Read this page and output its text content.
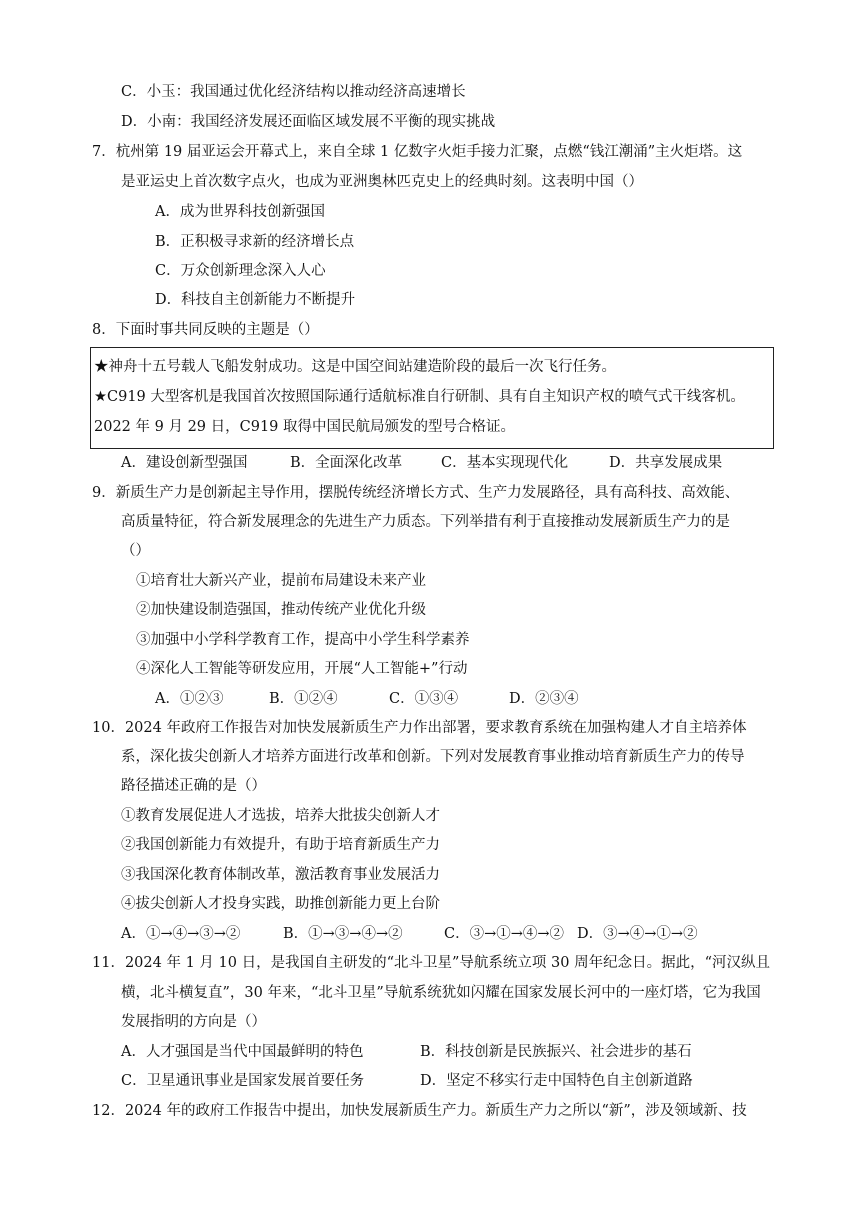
C．小玉：我国通过优化经济结构以推动经济高速增长
D．小南：我国经济发展还面临区域发展不平衡的现实挑战
7．杭州第 19 届亚运会开幕式上，来自全球 1 亿数字火炬手接力汇聚，点燃“钱江潮涌”主火炬塔。这
是亚运史上首次数字点火，也成为亚洲奥林匹克史上的经典时刻。这表明中国（）
A．成为世界科技创新强国
B．正积极寻求新的经济增长点
C．万众创新理念深入人心
D．科技自主创新能力不断提升
8．下面时事共同反映的主题是（）
★神舟十五号载人飞船发射成功。这是中国空间站建造阶段的最后一次飞行任务。
★C919 大型客机是我国首次按照国际通行适航标准自行研制、具有自主知识产权的喷气式干线客机。
2022 年 9 月 29 日，C919 取得中国民航局颁发的型号合格证。
A．建设创新型强国	B．全面深化改革	C．基本实现现代化	D．共享发展成果
9．新质生产力是创新起主导作用，摆脱传统经济增长方式、生产力发展路径，具有高科技、高效能、
高质量特征，符合新发展理念的先进生产力质态。下列举措有利于直接推动发展新质生产力的是
（）
①培育壮大新兴产业，提前布局建设未来产业
②加快建设制造强国，推动传统产业优化升级
③加强中小学科学教育工作，提高中小学生科学素养
④深化人工智能等研发应用，开展“人工智能+”行动
A．①②③	B．①②④	C．①③④	D．②③④
10．2024 年政府工作报告对加快发展新质生产力作出部署，要求教育系统在加强构建人才自主培养体
系，深化拔尖创新人才培养方面进行改革和创新。下列对发展教育事业推动培育新质生产力的传导
路径描述正确的是（）
①教育发展促进人才选拔，培养大批拔尖创新人才
②我国创新能力有效提升，有助于培育新质生产力
③我国深化教育体制改革，激活教育事业发展活力
④拔尖创新人才投身实践，助推创新能力更上台阶
A．①→④→③→②	B．①→③→④→②	C．③→①→④→② D．③→④→①→②
11．2024 年 1 月 10 日，是我国自主研发的“北斗卫星”导航系统立项 30 周年纪念日。据此，“河汉纵且
横，北斗横复直”，30 年来，“北斗卫星”导航系统犹如闪耀在国家发展长河中的一座灯塔，它为我国
发展指明的方向是（）
A．人才强国是当代中国最鲜明的特色	B．科技创新是民族振兴、社会进步的基石
C．卫星通讯事业是国家发展首要任务	D．坚定不移实行走中国特色自主创新道路
12．2024 年的政府工作报告中提出，加快发展新质生产力。新质生产力之所以“新”，涉及领域新、技
